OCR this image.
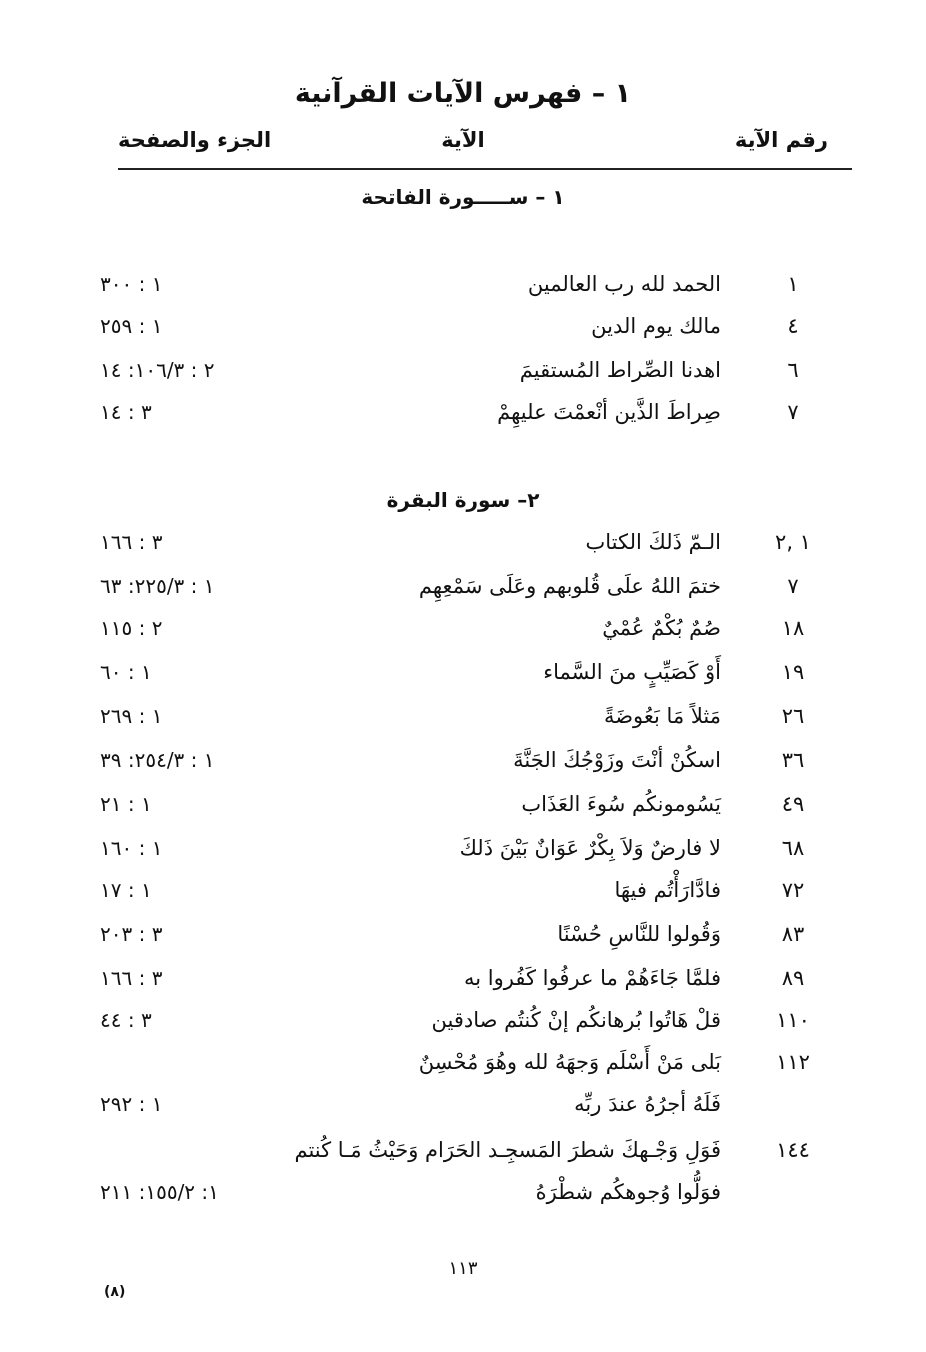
١ – فهرس الآيات القرآنية
رقم الآية
الآية
الجزء والصفحة
١ – ســـــورة الفاتحة
١
الحمد لله رب العالمين
١ : ٣٠٠
٤
مالك يوم الدين
١ : ٢٥٩
٦
اهدنا الصِّراط المُستقيمَ
٢ : ١٠٦/٣: ١٤
٧
صِراطَ الذَّين أنْعمْتَ عليهِمْ
٣ : ١٤
٢– سورة البقرة
١ ,٢
الـمّ ذَلكَ الكتاب
٣ : ١٦٦
٧
ختمَ اللهُ علَى قُلوبهم وعَلَى سَمْعِهِم
١ : ٢٢٥/٣: ٦٣
١٨
صُمٌ بُكْمٌ عُمْيٌ
٢ : ١١٥
١٩
أَوْ كَصَيِّبٍ منَ السَّماء
١ : ٦٠
٢٦
مَثلاً مَا بَعُوضَةً
١ : ٢٦٩
٣٦
اسكُنْ أنْتَ وزَوْجُكَ الجَنَّةَ
١ : ٢٥٤/٣: ٣٩
٤٩
يَسُومونكُم سُوءَ العَذَاب
١ : ٢١
٦٨
لا فارضٌ وَلاَ بِكْرٌ عَوَانٌ بَيْنَ ذَلكَ
١ : ١٦٠
٧٢
فادَّارَأْتُم فيهَا
١ : ١٧
٨٣
وَقُولوا للنَّاسِ حُسْنًا
٣ : ٢٠٣
٨٩
فلمَّا جَاءَهُمْ ما عرفُوا كَفُروا به
٣ : ١٦٦
١١٠
قلْ هَاتُوا بُرهانكُم إنْ كُنتُم صادقين
٣ : ٤٤
١١٢
بَلى مَنْ أَسْلَم وَجهَهُ لله وهُوَ مُحْسِنٌ
فَلَهُ أجرُهُ عندَ ربِّه
١ : ٢٩٢
١٤٤
فَوَلِ وَجْـهكَ شطرَ المَسجِـد الحَرَام وَحَيْثُ مَـا كُنتم
فوَلُّوا وُجوهكُم شطْرَهُ
١: ١٥٥/٢: ٢١١
١١٣
(٨)
